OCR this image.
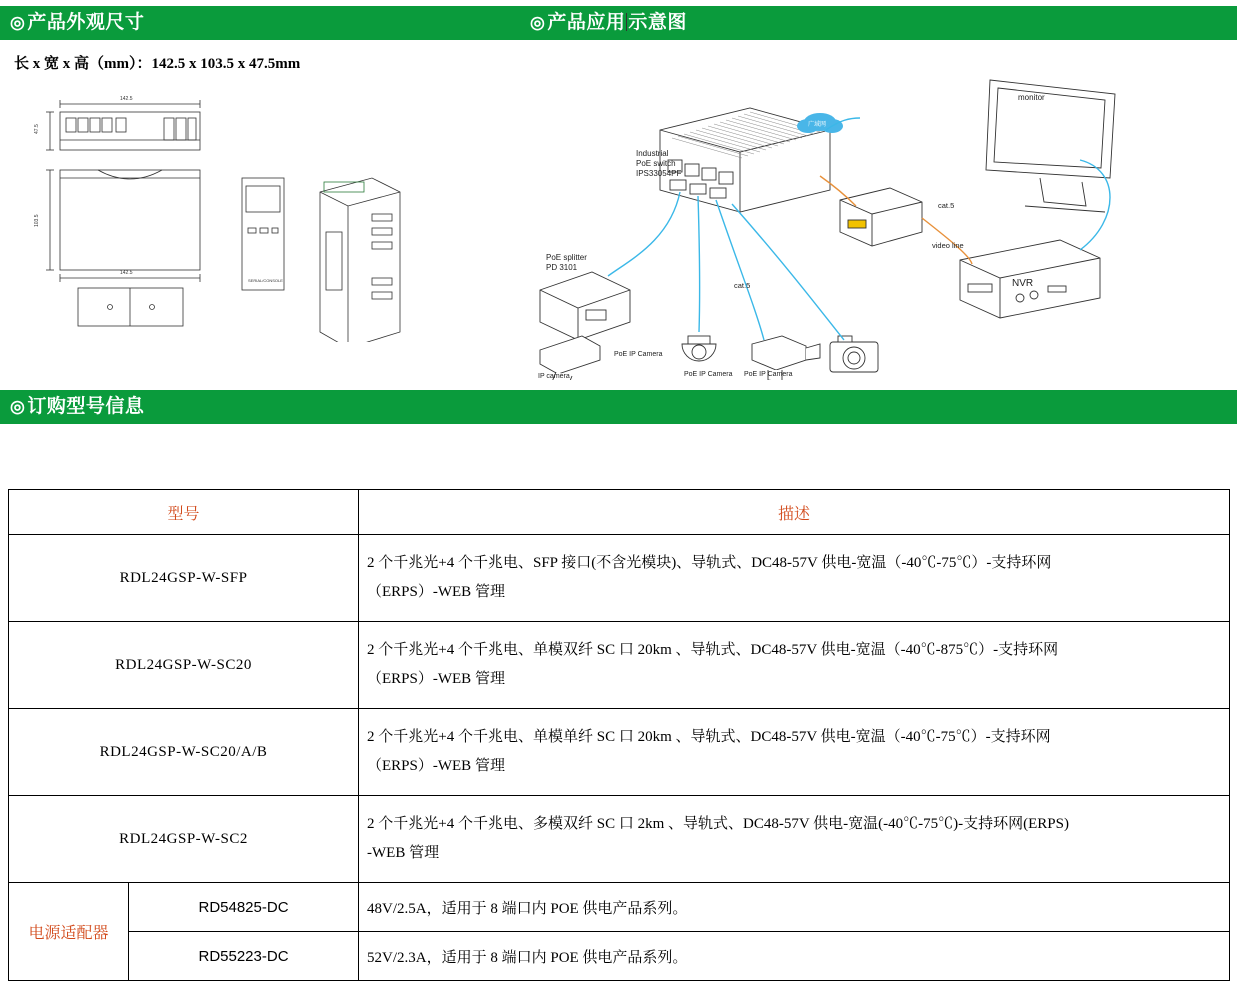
◎ 产品外观尺寸	◎ 产品应用 示意图
长 x 宽 x 高（mm）：142.5 x 103.5 x 47.5mm
142.5
47.5
103.5
142.5
SERIAL/CONSOLE
Industrial
PoE switch
IPS33054PF
PoE splitter
PD 3101
IP camera
cat.5
cat.5
video line
monitor
NVR
PoE IP Camera
PoE IP Camera PoE IP Camera
广域网
◎ 订购型号信息
型号		描述
RDL24GSP-W-SFP		2 个千兆光+4 个千兆电、SFP 接口(不含光模块)、导轨式、DC48-57V 供电-宽温（-40℃-75℃）-支持环网
（ERPS）-WEB 管理

RDL24GSP-W-SC20		2 个千兆光+4 个千兆电、单模双纤 SC 口 20km 、导轨式、DC48-57V 供电-宽温（-40℃-875℃）-支持环网
（ERPS）-WEB 管理

RDL24GSP-W-SC20/A/B		2 个千兆光+4 个千兆电、单模单纤 SC 口 20km 、导轨式、DC48-57V 供电-宽温（-40℃-75℃）-支持环网
（ERPS）-WEB 管理

RDL24GSP-W-SC2		2 个千兆光+4 个千兆电、多模双纤 SC 口 2km 、导轨式、DC48-57V 供电-宽温(-40℃-75℃)-支持环网(ERPS)
-WEB 管理

电源适配器	RD54825-DC	48V/2.5A，适用于 8 端口内 POE 供电产品系列。
	RD55223-DC	52V/2.3A，适用于 8 端口内 POE 供电产品系列。
